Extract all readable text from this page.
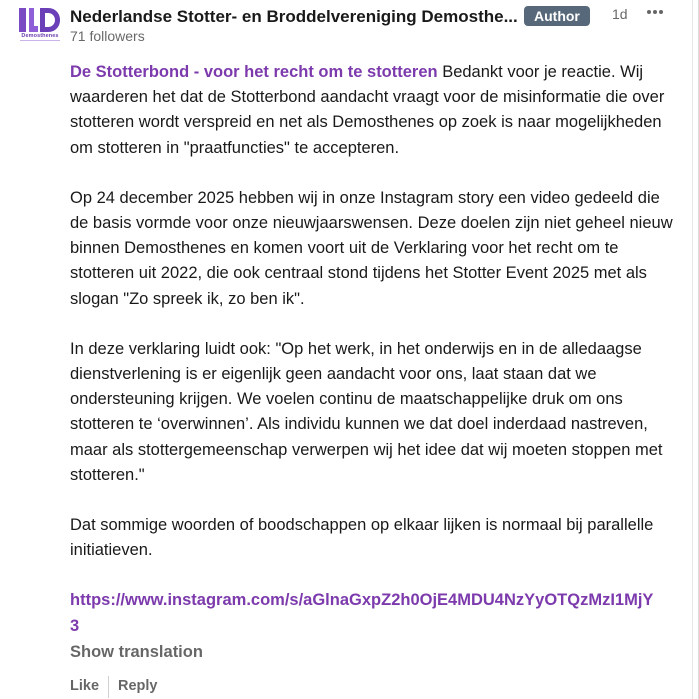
Demosthenes
Nederlandse Stotter- en Broddelvereniging Demosthe...
71 followers
Author	1d

De Stotterbond - voor het recht om te stotteren Bedankt voor je reactie. Wij waarderen het dat de Stotterbond aandacht vraagt voor de misinformatie die over stotteren wordt verspreid en net als Demosthenes op zoek is naar mogelijkheden om stotteren in "praatfuncties" te accepteren.

Op 24 december 2025 hebben wij in onze Instagram story een video gedeeld die de basis vormde voor onze nieuwjaarswensen. Deze doelen zijn niet geheel nieuw binnen Demosthenes en komen voort uit de Verklaring voor het recht om te stotteren uit 2022, die ook centraal stond tijdens het Stotter Event 2025 met als slogan "Zo spreek ik, zo ben ik".

In deze verklaring luidt ook: "Op het werk, in het onderwijs en in de alledaagse dienstverlening is er eigenlijk geen aandacht voor ons, laat staan dat we ondersteuning krijgen. We voelen continu de maatschappelijke druk om ons stotteren te ‘overwinnen’. Als individu kunnen we dat doel inderdaad nastreven, maar als stottergemeenschap verwerpen wij het idee dat wij moeten stoppen met stotteren."

Dat sommige woorden of boodschappen op elkaar lijken is normaal bij parallelle initiatieven.

https://www.instagram.com/s/aGlnaGxpZ2h0OjE4MDU4NzYyOTQzMzI1MjY
3

Show translation
Like Reply
